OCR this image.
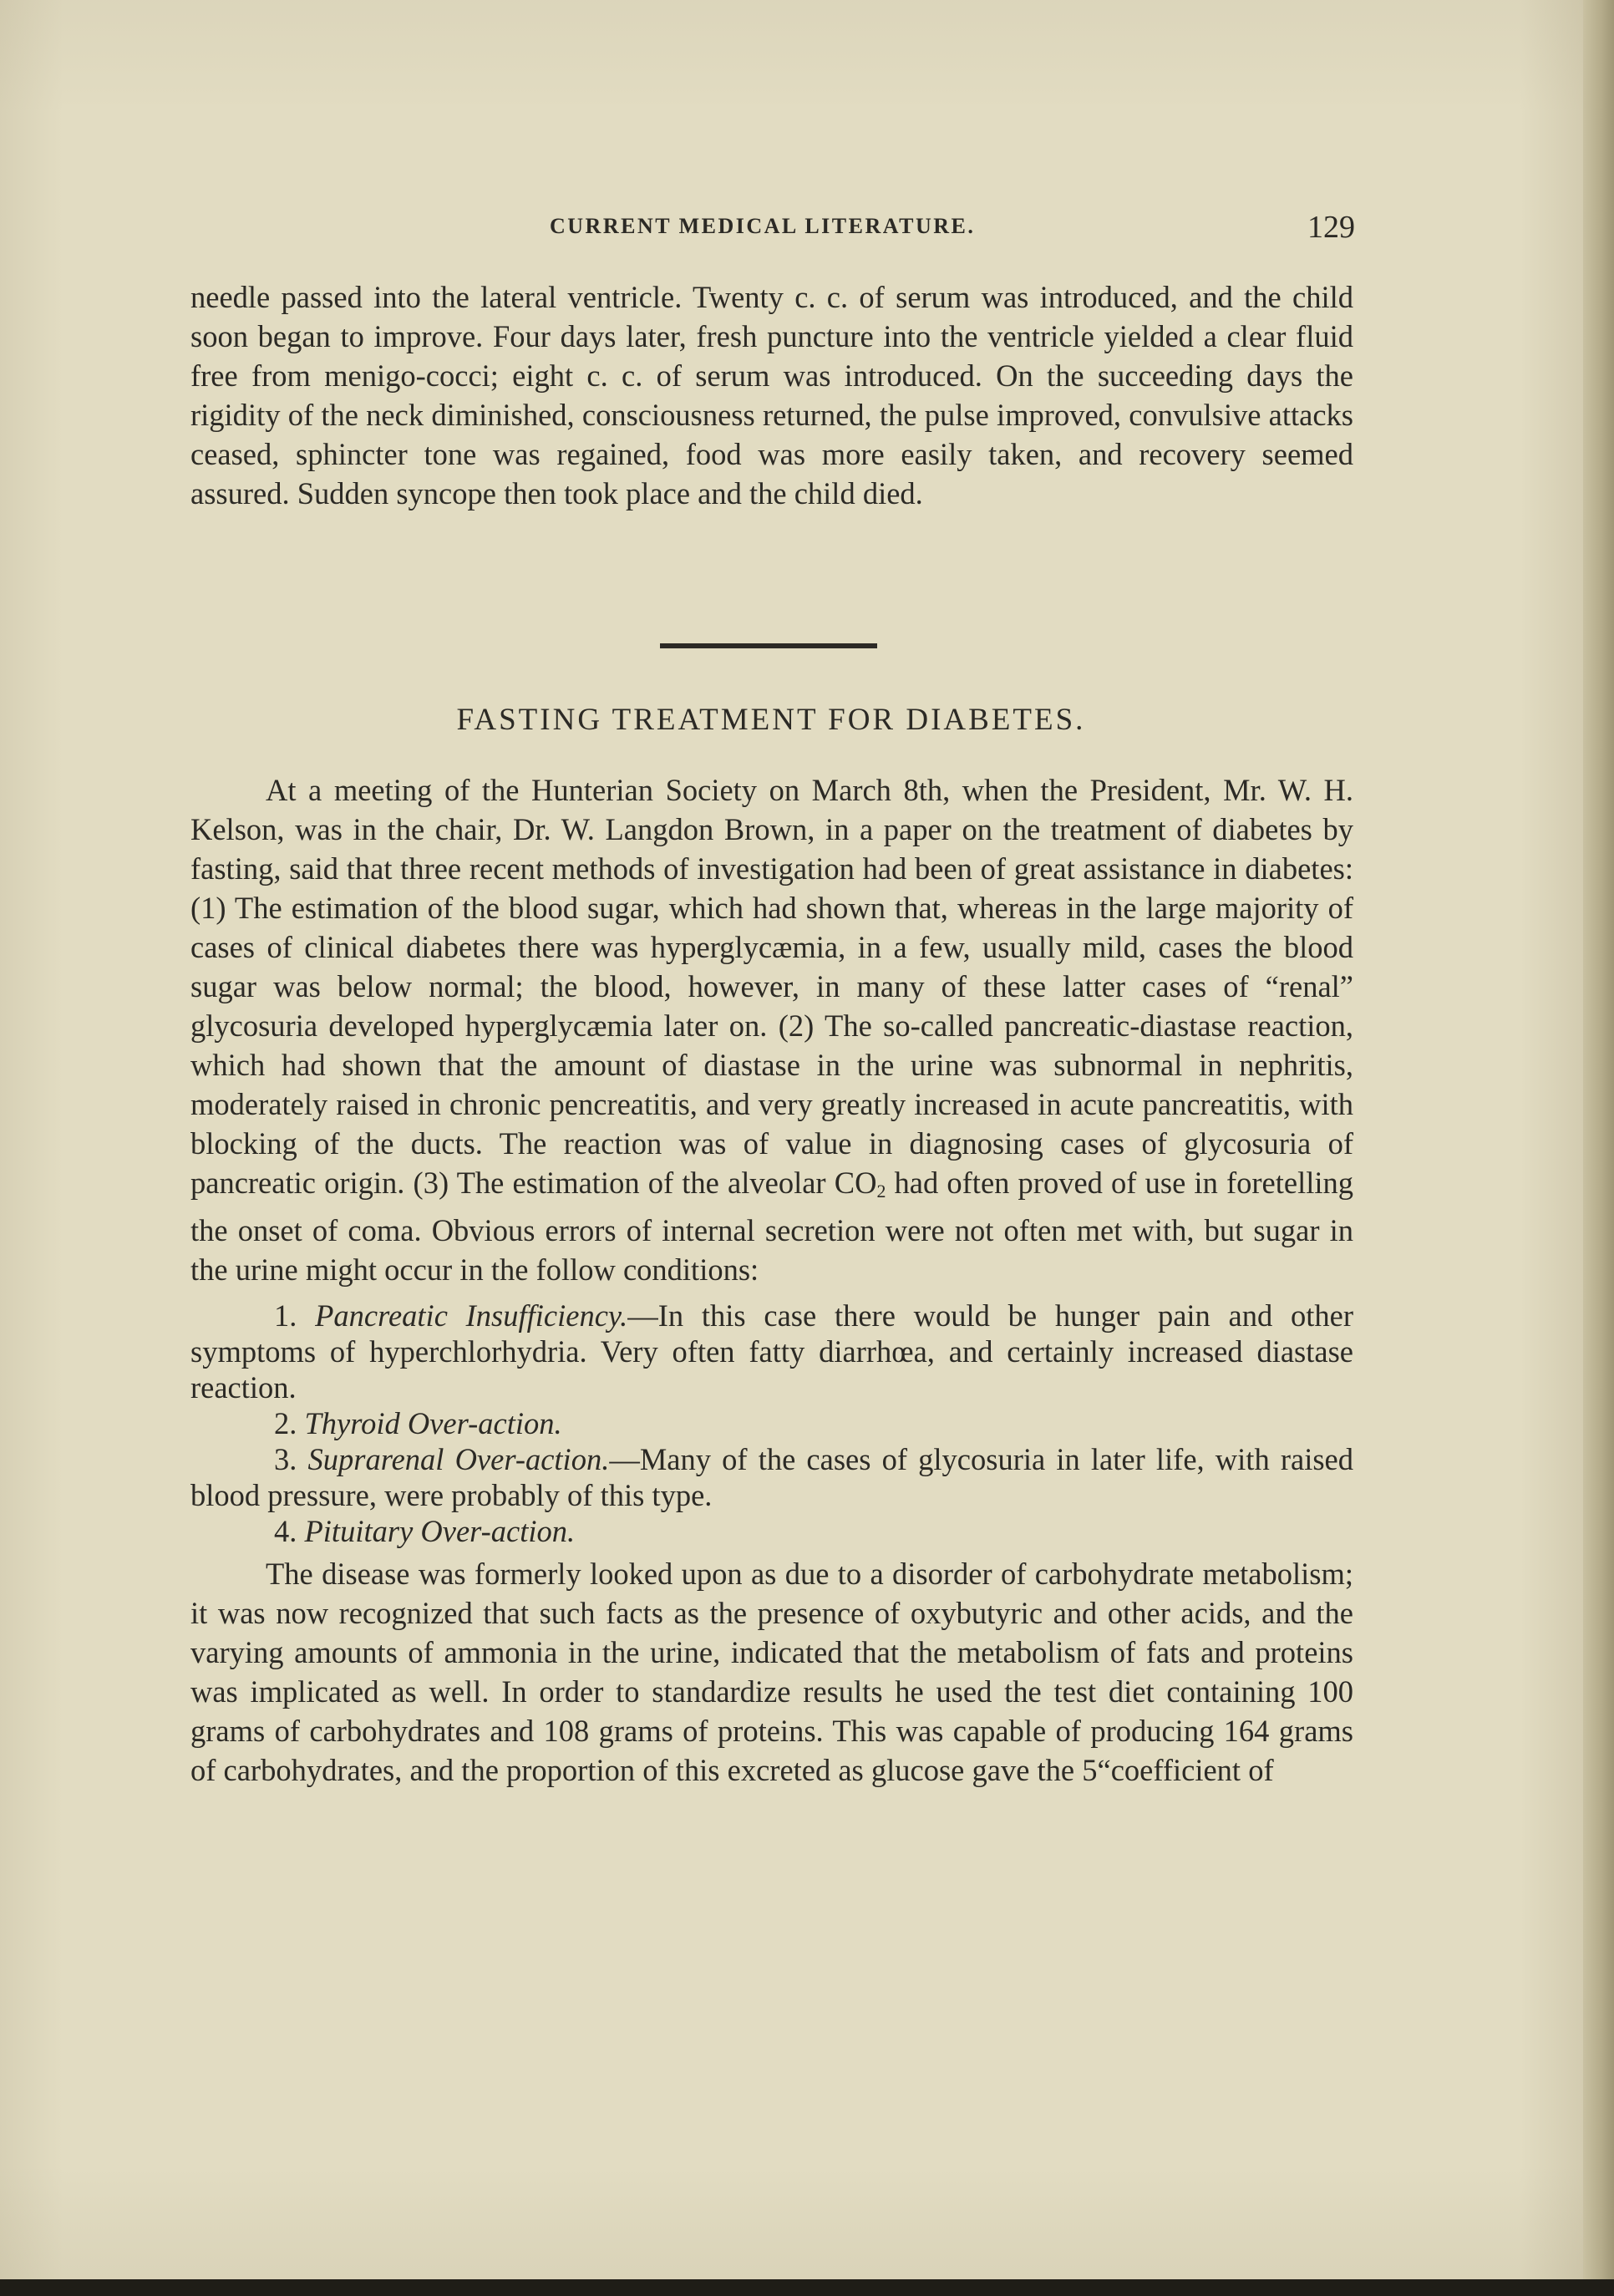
CURRENT MEDICAL LITERATURE.	129

needle passed into the lateral ventricle. Twenty c. c. of serum was introduced, and the child soon began to improve. Four days later, fresh puncture into the ventricle yielded a clear fluid free from menigo-cocci; eight c. c. of serum was introduced. On the succeeding days the rigidity of the neck diminished, consciousness returned, the pulse improved, convulsive attacks ceased, sphincter tone was regained, food was more easily taken, and recovery seemed assured. Sudden syncope then took place and the child died.

FASTING TREATMENT FOR DIABETES.

At a meeting of the Hunterian Society on March 8th, when the President, Mr. W. H. Kelson, was in the chair, Dr. W. Langdon Brown, in a paper on the treatment of diabetes by fasting, said that three recent methods of investigation had been of great assistance in diabetes: (1) The estimation of the blood sugar, which had shown that, whereas in the large majority of cases of clinical diabetes there was hyperglycæmia, in a few, usually mild, cases the blood sugar was below normal; the blood, however, in many of these latter cases of “renal” glycosuria developed hyperglycæmia later on. (2) The so-called pancreatic-diastase reaction, which had shown that the amount of diastase in the urine was subnormal in nephritis, moderately raised in chronic pencreatitis, and very greatly increased in acute pancreatitis, with blocking of the ducts. The reaction was of value in diagnosing cases of glycosuria of pancreatic origin. (3) The estimation of the alveolar $CO_2$ had often proved of use in foretelling the onset of coma. Obvious errors of internal secretion were not often met with, but sugar in the urine might occur in the follow conditions:

1. Pancreatic Insufficiency.—In this case there would be hunger pain and other symptoms of hyperchlorhydria. Very often fatty diarrhœa, and certainly increased diastase reaction.

2. Thyroid Over-action.

3. Suprarenal Over-action.—Many of the cases of glycosuria in later life, with raised blood pressure, were probably of this type.

4. Pituitary Over-action.

The disease was formerly looked upon as due to a disorder of carbohydrate metabolism; it was now recognized that such facts as the presence of oxybutyric and other acids, and the varying amounts of ammonia in the urine, indicated that the metabolism of fats and proteins was implicated as well. In order to standardize results he used the test diet containing 100 grams of carbohydrates and 108 grams of proteins. This was capable of producing 164 grams of carbohydrates, and the proportion of this excreted as glucose gave the 5“coefficient of
